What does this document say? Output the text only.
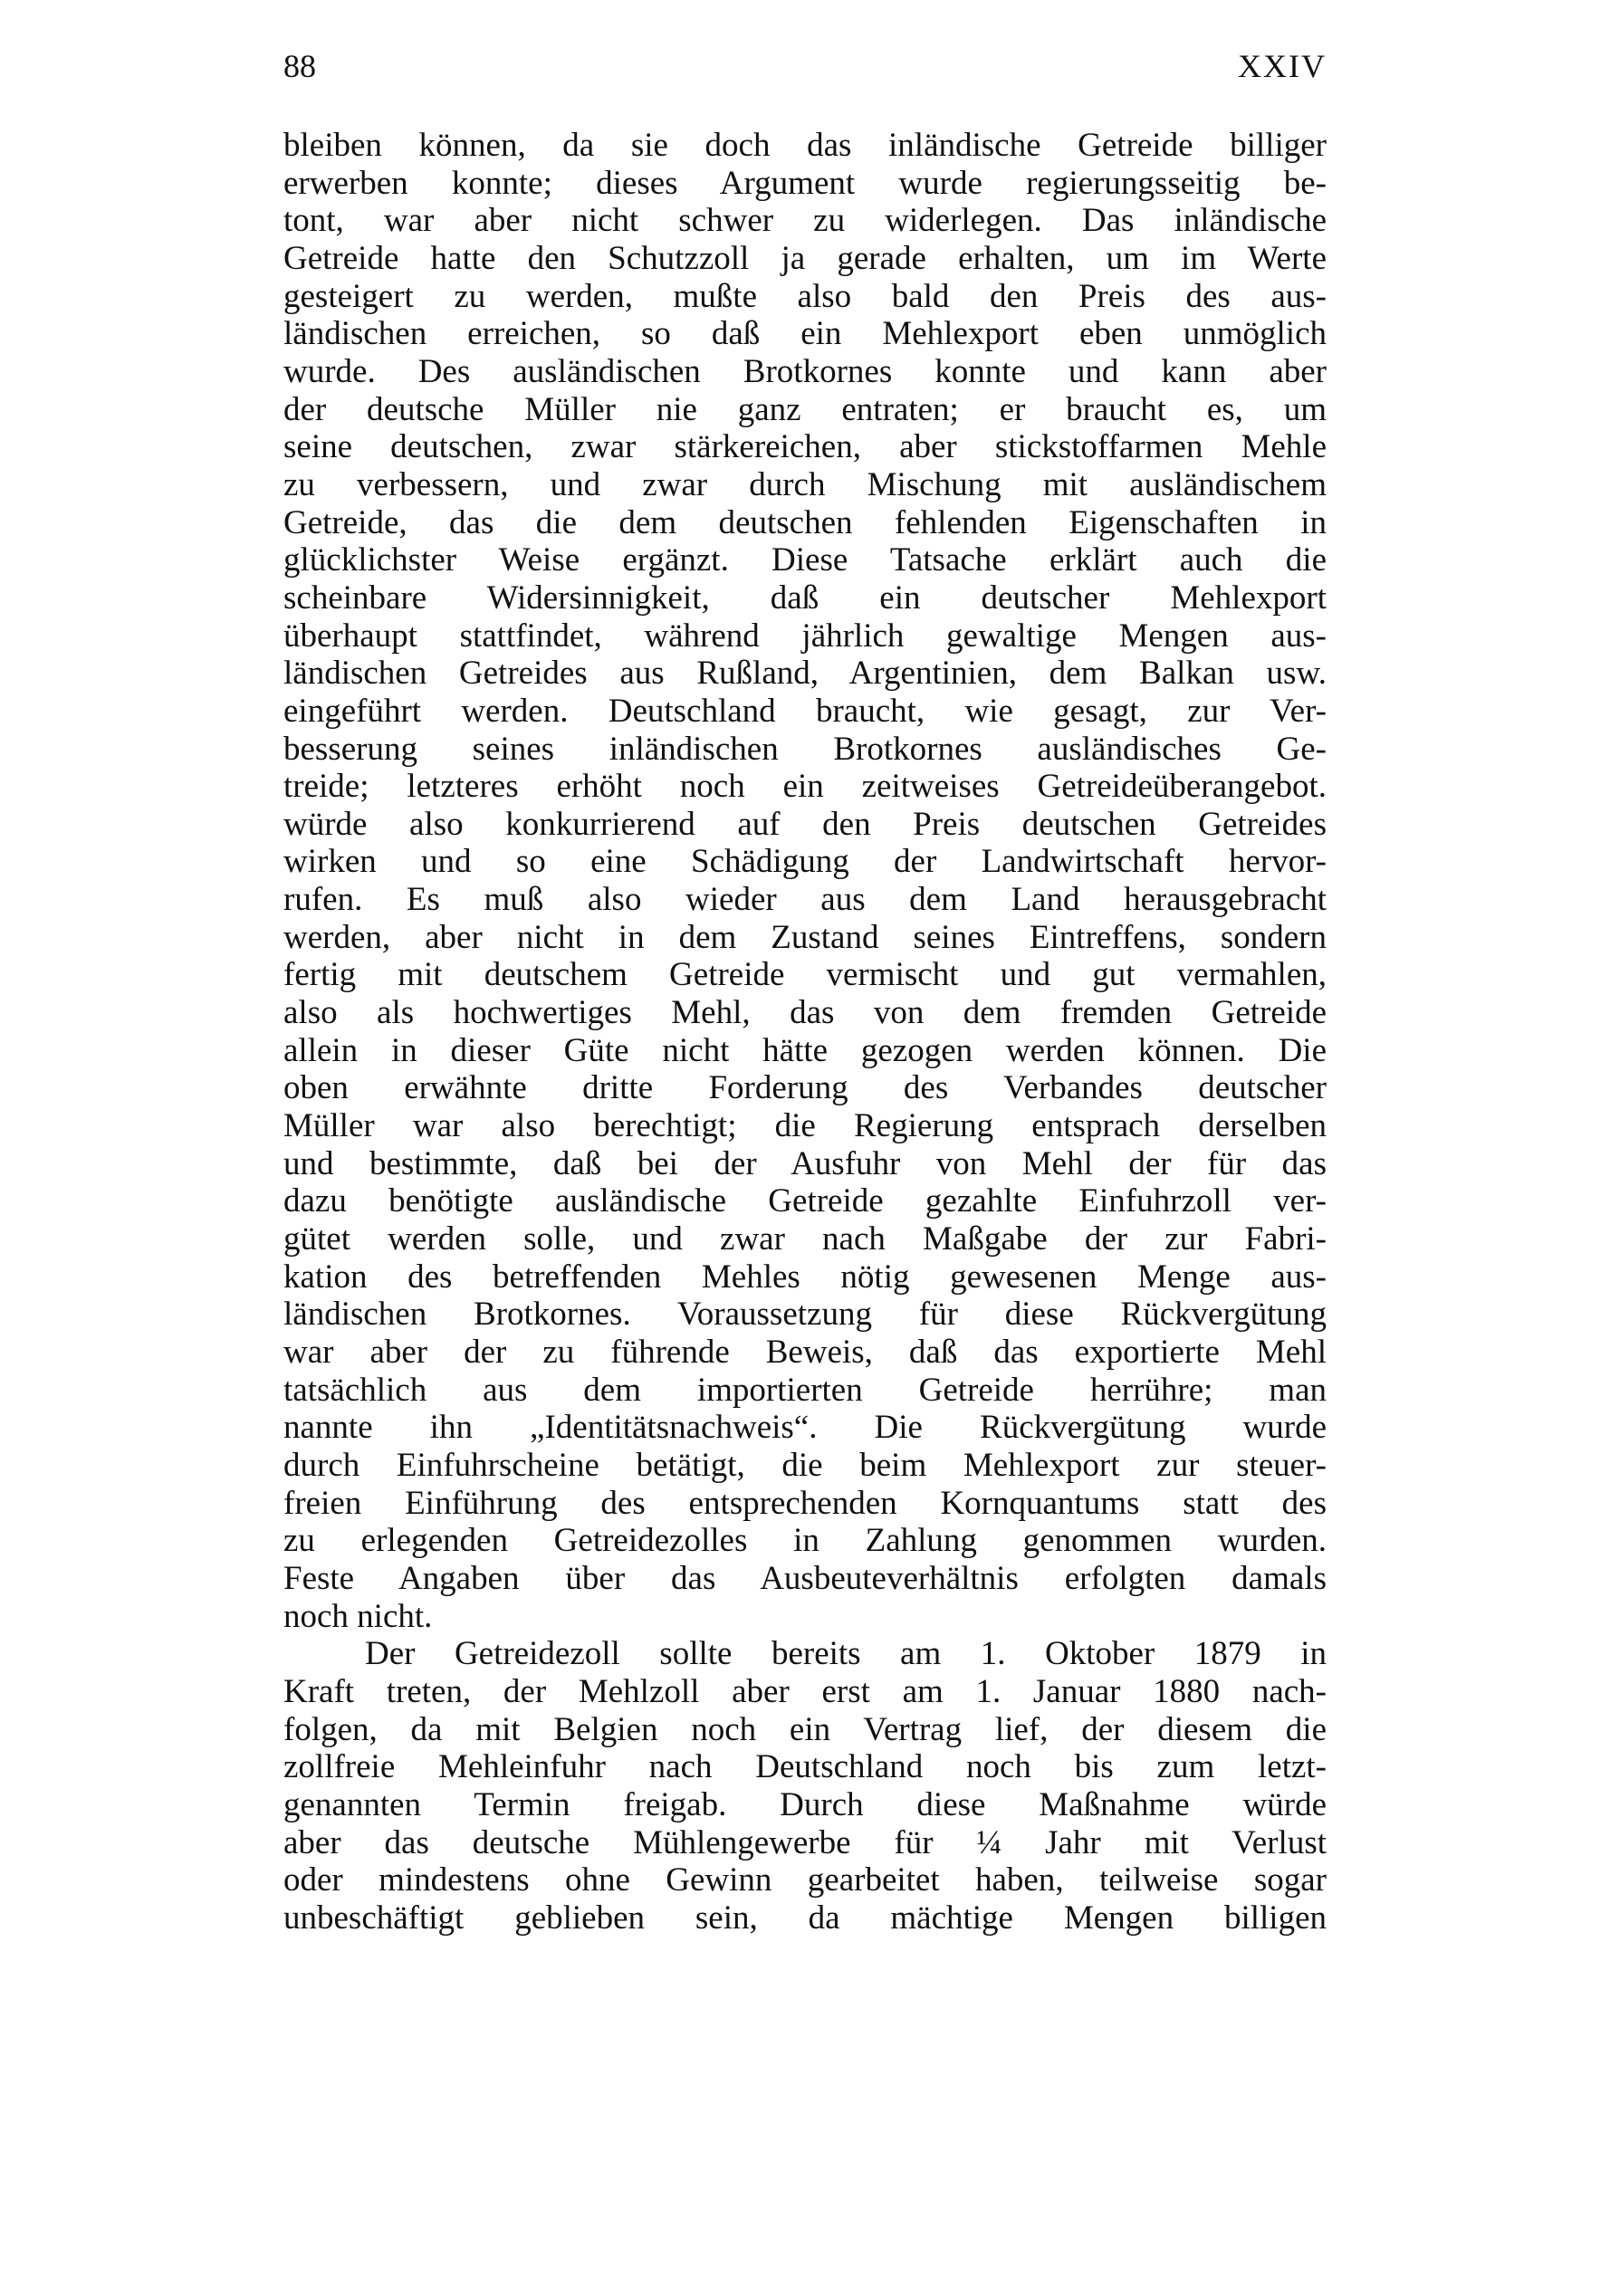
88	XXIV
bleiben können, da sie doch das inländische Getreide billiger
erwerben konnte; dieses Argument wurde regierungsseitig be-
tont, war aber nicht schwer zu widerlegen. Das inländische
Getreide hatte den Schutzzoll ja gerade erhalten, um im Werte
gesteigert zu werden, mußte also bald den Preis des aus-
ländischen erreichen, so daß ein Mehlexport eben unmöglich
wurde. Des ausländischen Brotkornes konnte und kann aber
der deutsche Müller nie ganz entraten; er braucht es, um
seine deutschen, zwar stärkereichen, aber stickstoffarmen Mehle
zu verbessern, und zwar durch Mischung mit ausländischem
Getreide, das die dem deutschen fehlenden Eigenschaften in
glücklichster Weise ergänzt. Diese Tatsache erklärt auch die
scheinbare Widersinnigkeit, daß ein deutscher Mehlexport
überhaupt stattfindet, während jährlich gewaltige Mengen aus-
ländischen Getreides aus Rußland, Argentinien, dem Balkan usw.
eingeführt werden. Deutschland braucht, wie gesagt, zur Ver-
besserung seines inländischen Brotkornes ausländisches Ge-
treide; letzteres erhöht noch ein zeitweises Getreideüberangebot.
würde also konkurrierend auf den Preis deutschen Getreides
wirken und so eine Schädigung der Landwirtschaft hervor-
rufen. Es muß also wieder aus dem Land herausgebracht
werden, aber nicht in dem Zustand seines Eintreffens, sondern
fertig mit deutschem Getreide vermischt und gut vermahlen,
also als hochwertiges Mehl, das von dem fremden Getreide
allein in dieser Güte nicht hätte gezogen werden können. Die
oben erwähnte dritte Forderung des Verbandes deutscher
Müller war also berechtigt; die Regierung entsprach derselben
und bestimmte, daß bei der Ausfuhr von Mehl der für das
dazu benötigte ausländische Getreide gezahlte Einfuhrzoll ver-
gütet werden solle, und zwar nach Maßgabe der zur Fabri-
kation des betreffenden Mehles nötig gewesenen Menge aus-
ländischen Brotkornes. Voraussetzung für diese Rückvergütung
war aber der zu führende Beweis, daß das exportierte Mehl
tatsächlich aus dem importierten Getreide herrühre; man
nannte ihn „Identitätsnachweis“. Die Rückvergütung wurde
durch Einfuhrscheine betätigt, die beim Mehlexport zur steuer-
freien Einführung des entsprechenden Kornquantums statt des
zu erlegenden Getreidezolles in Zahlung genommen wurden.
Feste Angaben über das Ausbeuteverhältnis erfolgten damals
noch nicht.
Der Getreidezoll sollte bereits am 1. Oktober 1879 in
Kraft treten, der Mehlzoll aber erst am 1. Januar 1880 nach-
folgen, da mit Belgien noch ein Vertrag lief, der diesem die
zollfreie Mehleinfuhr nach Deutschland noch bis zum letzt-
genannten Termin freigab. Durch diese Maßnahme würde
aber das deutsche Mühlengewerbe für ¼ Jahr mit Verlust
oder mindestens ohne Gewinn gearbeitet haben, teilweise sogar
unbeschäftigt geblieben sein, da mächtige Mengen billigen
